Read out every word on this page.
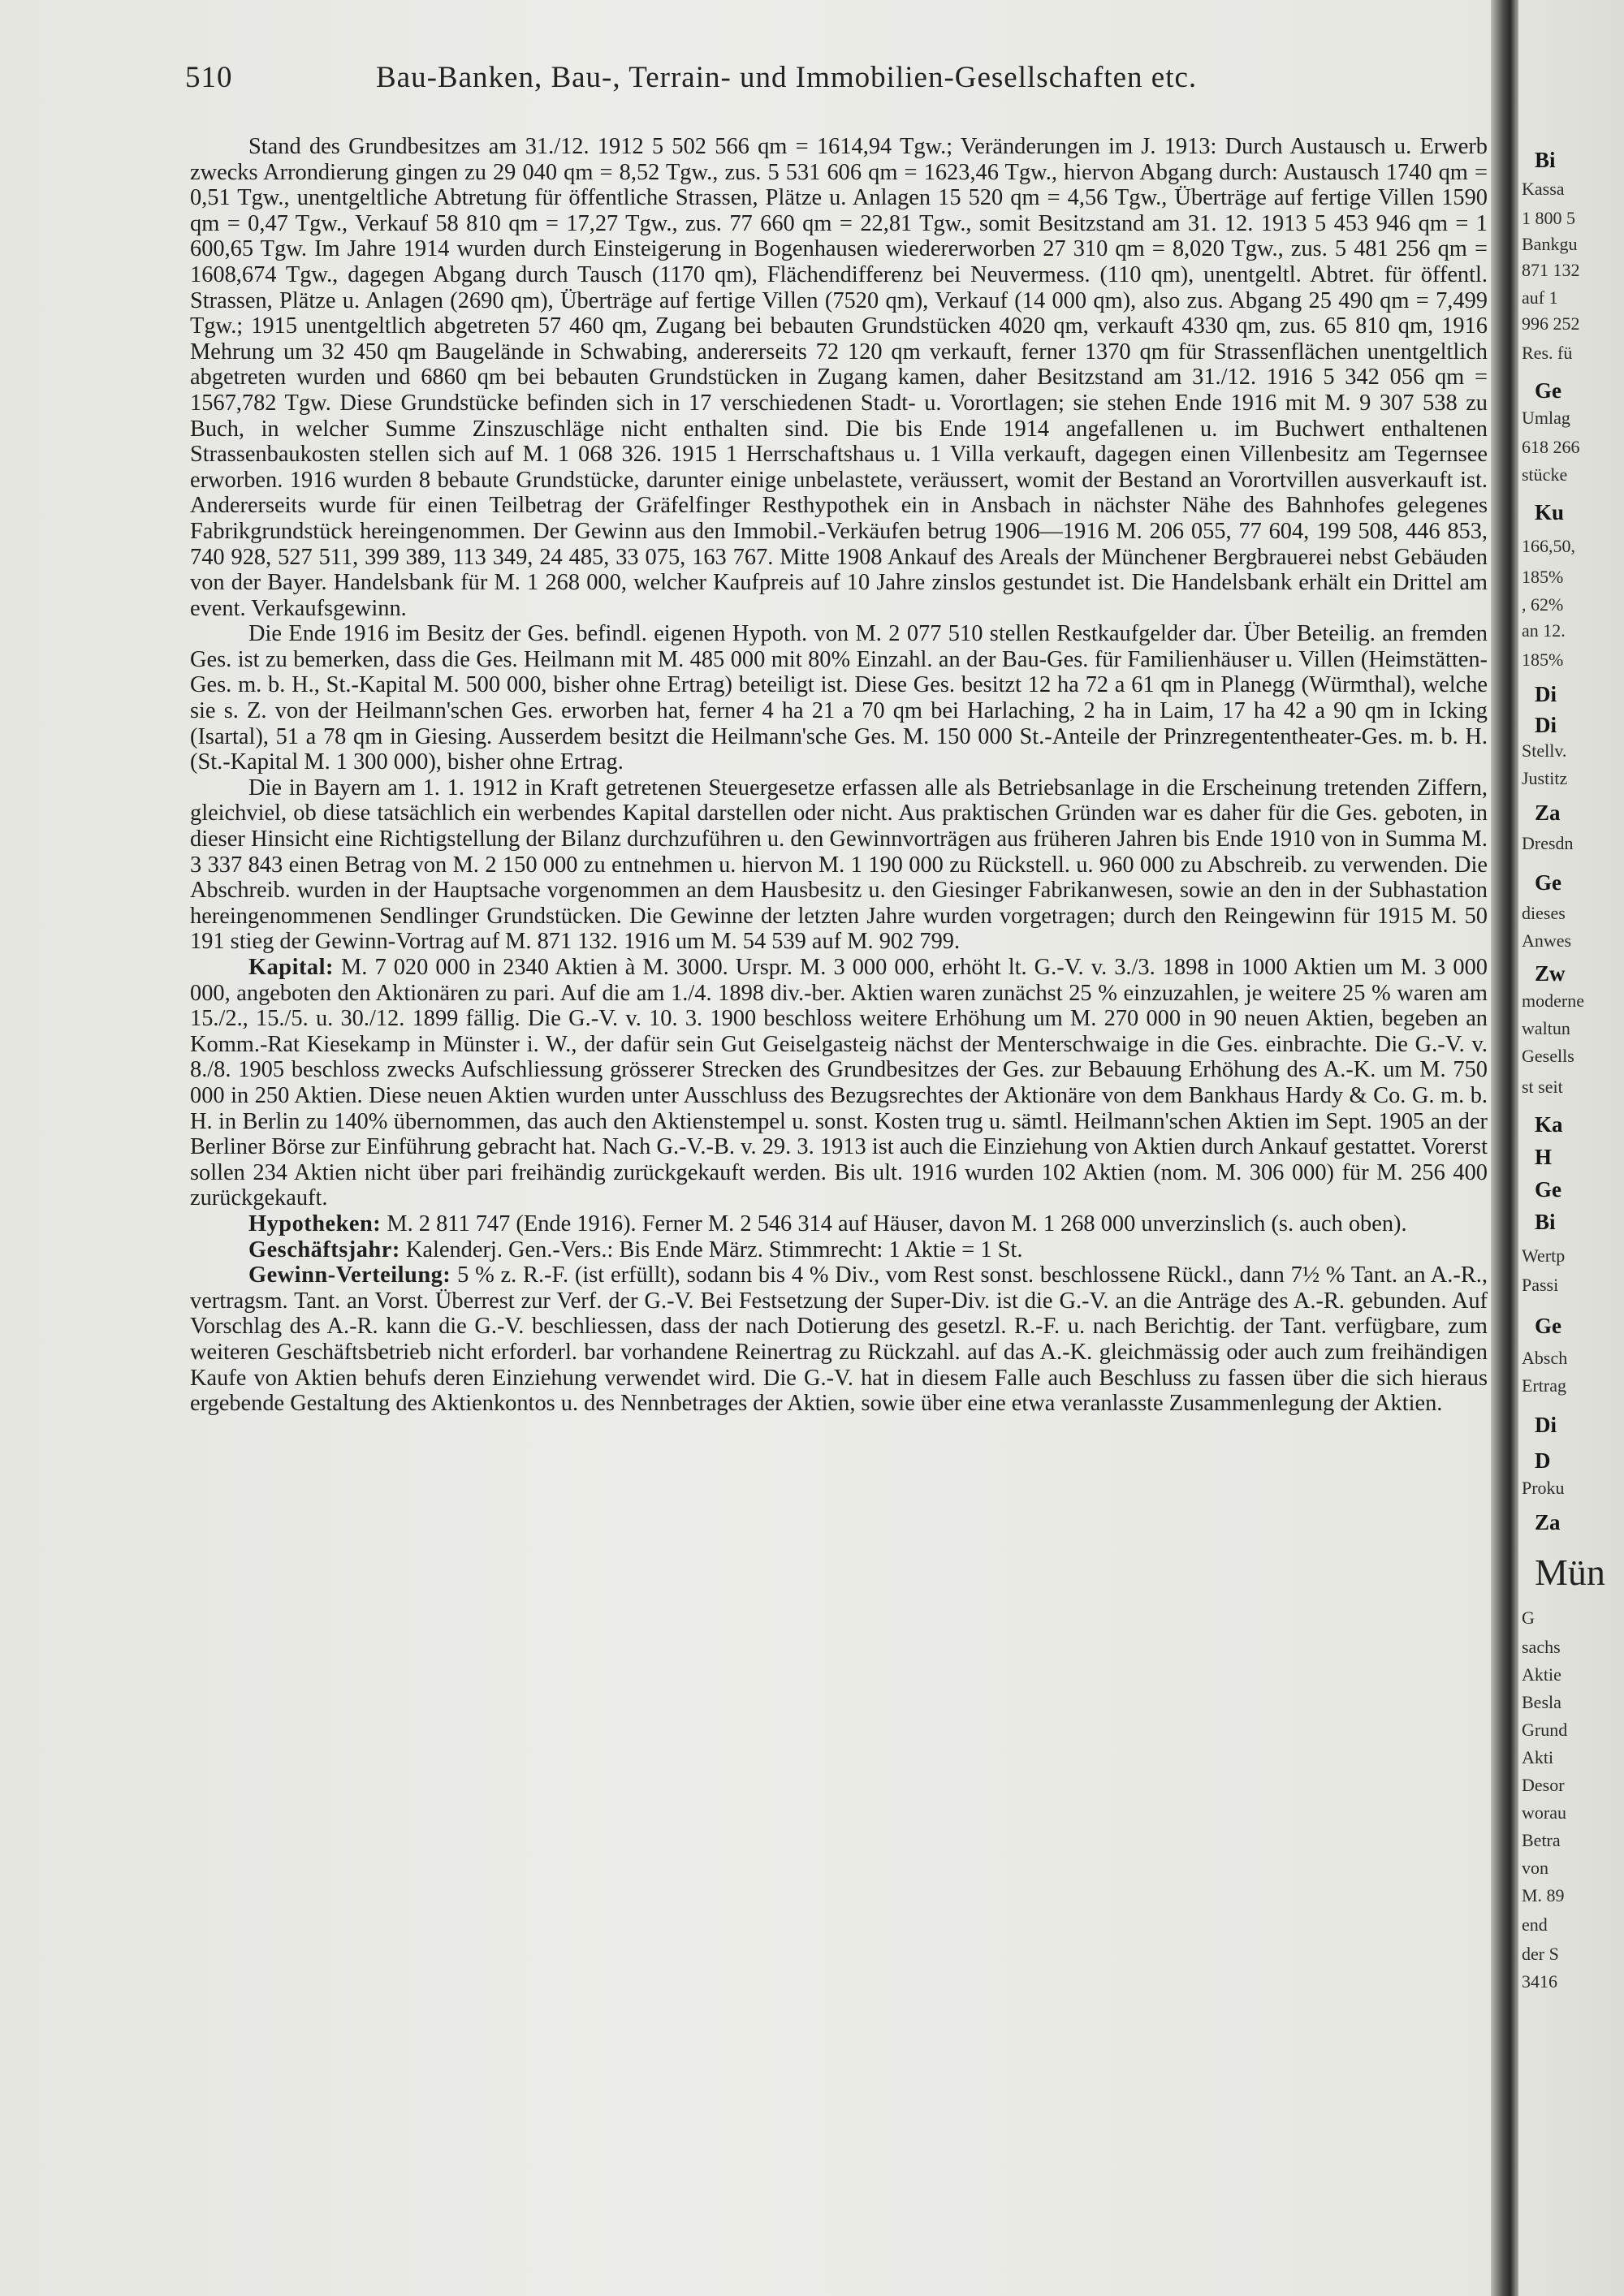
510	Bau-Banken, Bau-, Terrain- und Immobilien-Gesellschaften etc.

Stand des Grundbesitzes am 31./12. 1912 5 502 566 qm = 1614,94 Tgw.; Veränderungen im J. 1913: Durch Austausch u. Erwerb zwecks Arrondierung gingen zu 29 040 qm = 8,52 Tgw., zus. 5 531 606 qm = 1623,46 Tgw., hiervon Abgang durch: Austausch 1740 qm = 0,51 Tgw., unentgeltliche Abtretung für öffentliche Strassen, Plätze u. Anlagen 15 520 qm = 4,56 Tgw., Überträge auf fertige Villen 1590 qm = 0,47 Tgw., Verkauf 58 810 qm = 17,27 Tgw., zus. 77 660 qm = 22,81 Tgw., somit Besitzstand am 31. 12. 1913 5 453 946 qm = 1 600,65 Tgw. Im Jahre 1914 wurden durch Einsteigerung in Bogenhausen wiedererworben 27 310 qm = 8,020 Tgw., zus. 5 481 256 qm = 1608,674 Tgw., dagegen Abgang durch Tausch (1170 qm), Flächendifferenz bei Neuvermess. (110 qm), unentgeltl. Abtret. für öffentl. Strassen, Plätze u. Anlagen (2690 qm), Überträge auf fertige Villen (7520 qm), Verkauf (14 000 qm), also zus. Abgang 25 490 qm = 7,499 Tgw.; 1915 unentgeltlich abgetreten 57 460 qm, Zugang bei bebauten Grundstücken 4020 qm, verkauft 4330 qm, zus. 65 810 qm, 1916 Mehrung um 32 450 qm Baugelände in Schwabing, andererseits 72 120 qm verkauft, ferner 1370 qm für Strassenflächen unentgeltlich abgetreten wurden und 6860 qm bei bebauten Grundstücken in Zugang kamen, daher Besitzstand am 31./12. 1916 5 342 056 qm = 1567,782 Tgw. Diese Grundstücke befinden sich in 17 verschiedenen Stadt- u. Vorortlagen; sie stehen Ende 1916 mit M. 9 307 538 zu Buch, in welcher Summe Zinszuschläge nicht enthalten sind. Die bis Ende 1914 angefallenen u. im Buchwert enthaltenen Strassenbaukosten stellen sich auf M. 1 068 326. 1915 1 Herrschaftshaus u. 1 Villa verkauft, dagegen einen Villenbesitz am Tegernsee erworben. 1916 wurden 8 bebaute Grundstücke, darunter einige unbelastete, veräussert, womit der Bestand an Vorortvillen ausverkauft ist. Andererseits wurde für einen Teilbetrag der Gräfelfinger Resthypothek ein in Ansbach in nächster Nähe des Bahnhofes gelegenes Fabrikgrundstück hereingenommen. Der Gewinn aus den Immobil.-Verkäufen betrug 1906—1916 M. 206 055, 77 604, 199 508, 446 853, 740 928, 527 511, 399 389, 113 349, 24 485, 33 075, 163 767. Mitte 1908 Ankauf des Areals der Münchener Bergbrauerei nebst Gebäuden von der Bayer. Handelsbank für M. 1 268 000, welcher Kaufpreis auf 10 Jahre zinslos gestundet ist. Die Handelsbank erhält ein Drittel am event. Verkaufsgewinn.

Die Ende 1916 im Besitz der Ges. befindl. eigenen Hypoth. von M. 2 077 510 stellen Restkaufgelder dar. Über Beteilig. an fremden Ges. ist zu bemerken, dass die Ges. Heilmann mit M. 485 000 mit 80% Einzahl. an der Bau-Ges. für Familienhäuser u. Villen (Heimstätten-Ges. m. b. H., St.-Kapital M. 500 000, bisher ohne Ertrag) beteiligt ist. Diese Ges. besitzt 12 ha 72 a 61 qm in Planegg (Würmthal), welche sie s. Z. von der Heilmann'schen Ges. erworben hat, ferner 4 ha 21 a 70 qm bei Harlaching, 2 ha in Laim, 17 ha 42 a 90 qm in Icking (Isartal), 51 a 78 qm in Giesing. Ausserdem besitzt die Heilmann'sche Ges. M. 150 000 St.-Anteile der Prinzregententheater-Ges. m. b. H. (St.-Kapital M. 1 300 000), bisher ohne Ertrag.

Die in Bayern am 1. 1. 1912 in Kraft getretenen Steuergesetze erfassen alle als Betriebsanlage in die Erscheinung tretenden Ziffern, gleichviel, ob diese tatsächlich ein werbendes Kapital darstellen oder nicht. Aus praktischen Gründen war es daher für die Ges. geboten, in dieser Hinsicht eine Richtigstellung der Bilanz durchzuführen u. den Gewinnvorträgen aus früheren Jahren bis Ende 1910 von in Summa M. 3 337 843 einen Betrag von M. 2 150 000 zu entnehmen u. hiervon M. 1 190 000 zu Rückstell. u. 960 000 zu Abschreib. zu verwenden. Die Abschreib. wurden in der Hauptsache vorgenommen an dem Hausbesitz u. den Giesinger Fabrikanwesen, sowie an den in der Subhastation hereingenommenen Sendlinger Grundstücken. Die Gewinne der letzten Jahre wurden vorgetragen; durch den Reingewinn für 1915 M. 50 191 stieg der Gewinn-Vortrag auf M. 871 132. 1916 um M. 54 539 auf M. 902 799.

Kapital: M. 7 020 000 in 2340 Aktien à M. 3000. Urspr. M. 3 000 000, erhöht lt. G.-V. v. 3./3. 1898 in 1000 Aktien um M. 3 000 000, angeboten den Aktionären zu pari. Auf die am 1./4. 1898 div.-ber. Aktien waren zunächst 25 % einzuzahlen, je weitere 25 % waren am 15./2., 15./5. u. 30./12. 1899 fällig. Die G.-V. v. 10. 3. 1900 beschloss weitere Erhöhung um M. 270 000 in 90 neuen Aktien, begeben an Komm.-Rat Kiesekamp in Münster i. W., der dafür sein Gut Geiselgasteig nächst der Menterschwaige in die Ges. einbrachte. Die G.-V. v. 8./8. 1905 beschloss zwecks Aufschliessung grösserer Strecken des Grundbesitzes der Ges. zur Bebauung Erhöhung des A.-K. um M. 750 000 in 250 Aktien. Diese neuen Aktien wurden unter Ausschluss des Bezugsrechtes der Aktionäre von dem Bankhaus Hardy & Co. G. m. b. H. in Berlin zu 140% übernommen, das auch den Aktienstempel u. sonst. Kosten trug u. sämtl. Heilmann'schen Aktien im Sept. 1905 an der Berliner Börse zur Einführung gebracht hat. Nach G.-V.-B. v. 29. 3. 1913 ist auch die Einziehung von Aktien durch Ankauf gestattet. Vorerst sollen 234 Aktien nicht über pari freihändig zurückgekauft werden. Bis ult. 1916 wurden 102 Aktien (nom. M. 306 000) für M. 256 400 zurückgekauft.

Hypotheken: M. 2 811 747 (Ende 1916). Ferner M. 2 546 314 auf Häuser, davon M. 1 268 000 unverzinslich (s. auch oben).

Geschäftsjahr: Kalenderj. Gen.-Vers.: Bis Ende März. Stimmrecht: 1 Aktie = 1 St.

Gewinn-Verteilung: 5 % z. R.-F. (ist erfüllt), sodann bis 4 % Div., vom Rest sonst. beschlossene Rückl., dann 7½ % Tant. an A.-R., vertragsm. Tant. an Vorst. Überrest zur Verf. der G.-V. Bei Festsetzung der Super-Div. ist die G.-V. an die Anträge des A.-R. gebunden. Auf Vorschlag des A.-R. kann die G.-V. beschliessen, dass der nach Dotierung des gesetzl. R.-F. u. nach Berichtig. der Tant. verfügbare, zum weiteren Geschäftsbetrieb nicht erforderl. bar vorhandene Reinertrag zu Rückzahl. auf das A.-K. gleichmässig oder auch zum freihändigen Kaufe von Aktien behufs deren Einziehung verwendet wird. Die G.-V. hat in diesem Falle auch Beschluss zu fassen über die sich hieraus ergebende Gestaltung des Aktienkontos u. des Nennbetrages der Aktien, sowie über eine etwa veranlasste Zusammenlegung der Aktien.

Bi
Kassa
1 800 5
Bankgu
871 132
auf 1
996 252
Res. fü
Ge
Umlag
618 266
stücke
Ku
166,50,
185%
, 62%
an 12.
185%
Di
Di
Stellv.
Justitz
Za
Dresdn
Ge
dieses
Anwes
Zw
moderne
waltun
Gesells
st seit
Ka
H
Ge
Bi
Wertp
Passi
Ge
Absch
Ertrag
Di
D
Proku
Za
Mün
G
sachs
Aktie
Besla
Grund
Akti
Desor
worau
Betra
von
M. 89
end
der S
3416
